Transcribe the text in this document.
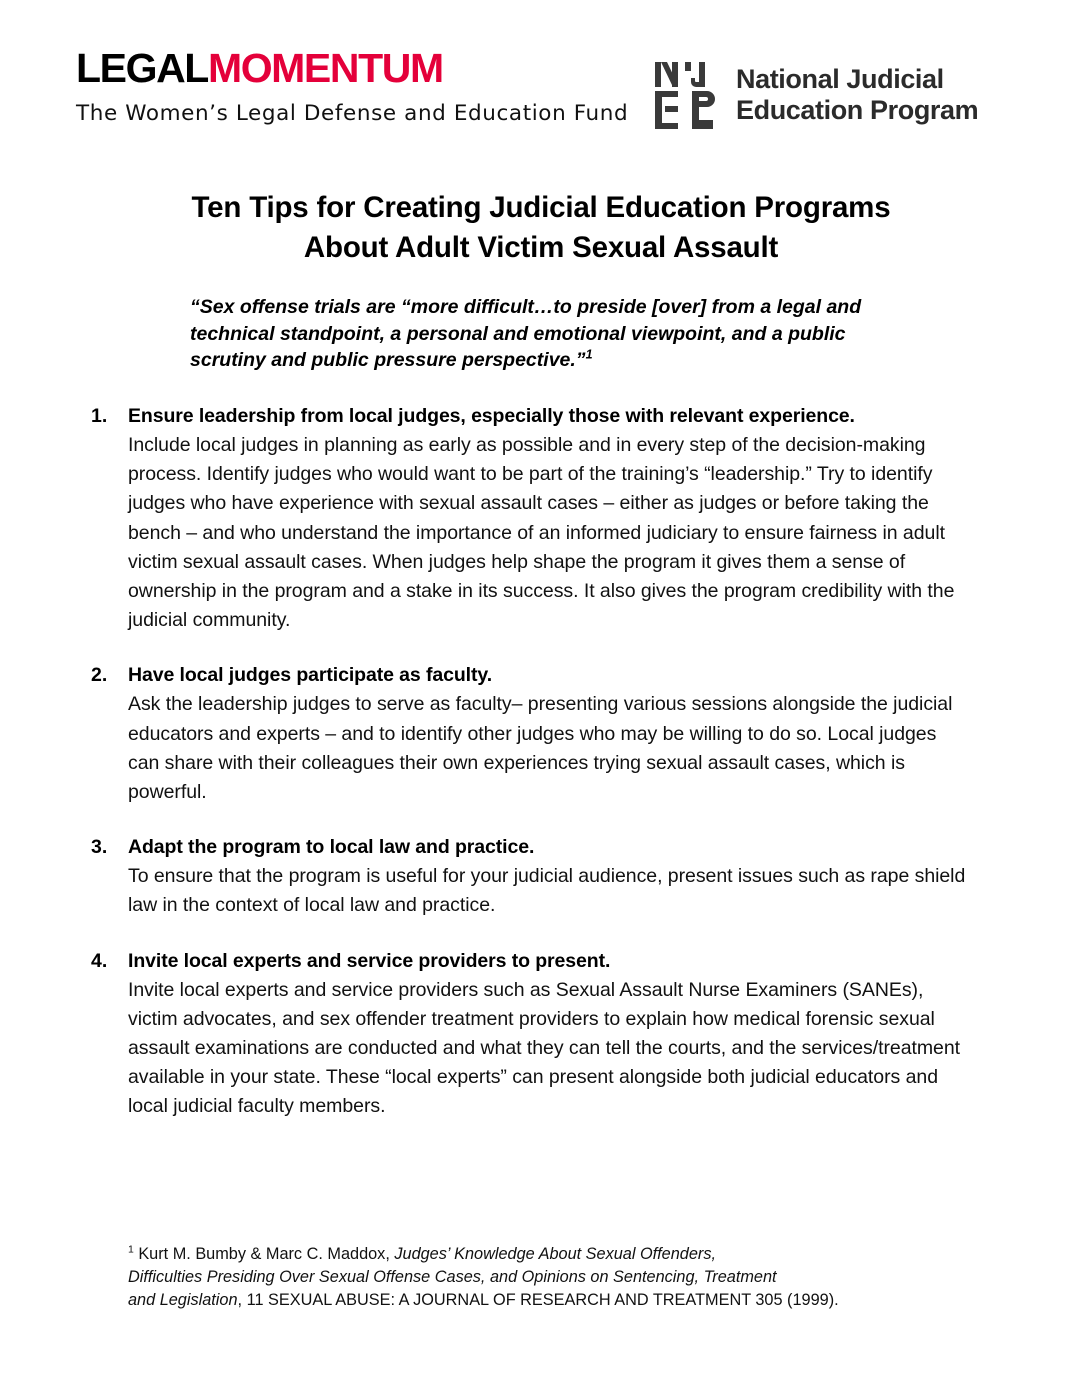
LEGALMOMENTUM
The Women’s Legal Defense and Education Fund
National Judicial
Education Program
Ten Tips for Creating Judicial Education Programs
About Adult Victim Sexual Assault
“Sex offense trials are “more difficult…to preside [over] from a legal and
technical standpoint, a personal and emotional viewpoint, and a public
scrutiny and public pressure perspective.”$^1$
1.	Ensure leadership from local judges, especially those with relevant experience.
Include local judges in planning as early as possible and in every step of the decision-making process. Identify judges who would want to be part of the training’s “leadership.” Try to identify judges who have experience with sexual assault cases – either as judges or before taking the bench – and who understand the importance of an informed judiciary to ensure fairness in adult victim sexual assault cases. When judges help shape the program it gives them a sense of ownership in the program and a stake in its success. It also gives the program credibility with the judicial community.
2.	Have local judges participate as faculty.
Ask the leadership judges to serve as faculty– presenting various sessions alongside the judicial educators and experts – and to identify other judges who may be willing to do so. Local judges can share with their colleagues their own experiences trying sexual assault cases, which is powerful.
3.	Adapt the program to local law and practice.
To ensure that the program is useful for your judicial audience, present issues such as rape shield law in the context of local law and practice.
4.	Invite local experts and service providers to present.
Invite local experts and service providers such as Sexual Assault Nurse Examiners (SANEs), victim advocates, and sex offender treatment providers to explain how medical forensic sexual assault examinations are conducted and what they can tell the courts, and the services/treatment available in your state. These “local experts” can present alongside both judicial educators and local judicial faculty members.
$^1$ Kurt M. Bumby & Marc C. Maddox, Judges’ Knowledge About Sexual Offenders,
Difficulties Presiding Over Sexual Offense Cases, and Opinions on Sentencing, Treatment
and Legislation, 11 SEXUAL ABUSE: A JOURNAL OF RESEARCH AND TREATMENT 305 (1999).
